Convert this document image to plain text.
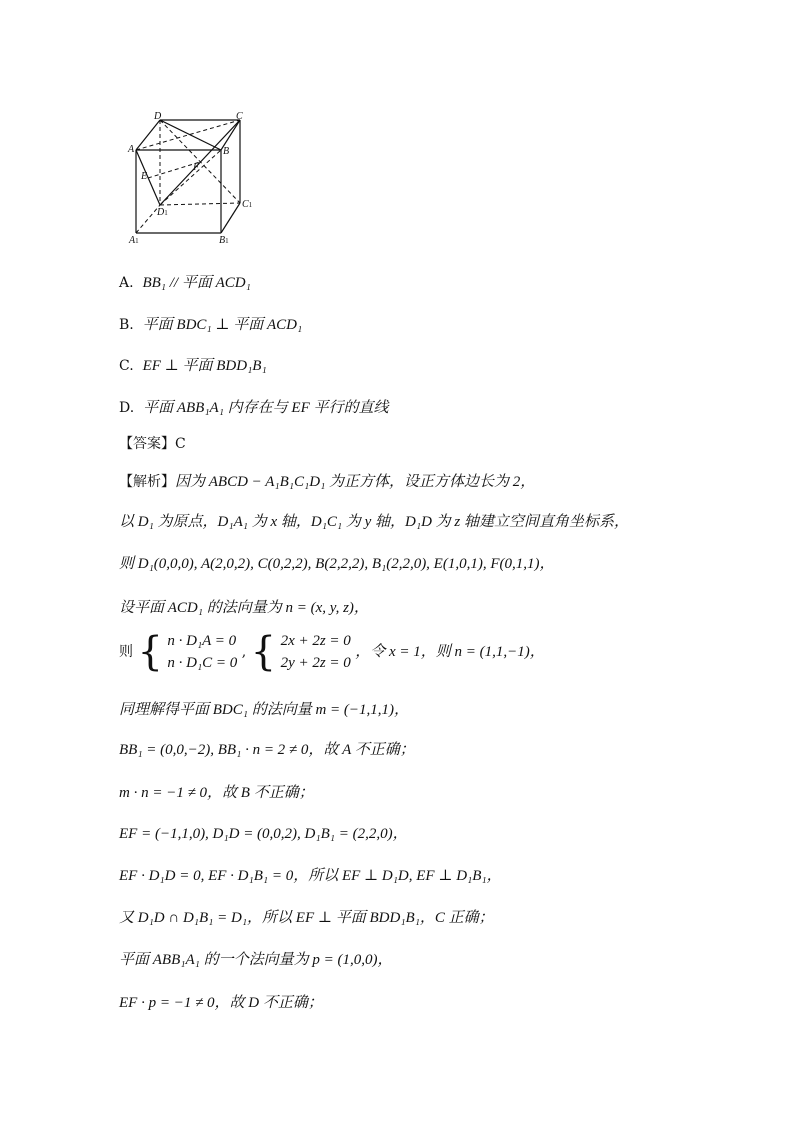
D	C
A	B
E
F
D1
C1
A1	B1
A. BB₁ // 平面 ACD₁
B. 平面 BDC₁ ⊥ 平面 ACD₁
C. EF ⊥ 平面 BDD₁B₁
D. 平面 ABB₁A₁ 内存在与 EF 平行的直线
【答案】C
【解析】因为 ABCD − A₁B₁C₁D₁ 为正方体，设正方体边长为 2，
以 D₁ 为原点，D₁A₁ 为 x 轴，D₁C₁ 为 y 轴，D₁D 为 z 轴建立空间直角坐标系，
则 D₁(0,0,0), A(2,0,2), C(0,2,2), B(2,2,2), B₁(2,2,0), E(1,0,1), F(0,1,1)，
设平面 ACD₁ 的法向量为 n = (x, y, z)，
则 { n · D₁A = 0
n · D₁C = 0 , { 2x + 2z = 0
2y + 2z = 0 ，令 x = 1，则 n = (1,1,−1)，
同理解得平面 BDC₁ 的法向量 m = (−1,1,1)，
BB₁ = (0,0,−2), BB₁ · n = 2 ≠ 0，故 A 不正确；
m · n = −1 ≠ 0，故 B 不正确；
EF = (−1,1,0), D₁D = (0,0,2), D₁B₁ = (2,2,0)，
EF · D₁D = 0, EF · D₁B₁ = 0，所以 EF ⊥ D₁D, EF ⊥ D₁B₁，
又 D₁D ∩ D₁B₁ = D₁，所以 EF ⊥ 平面 BDD₁B₁，C 正确；
平面 ABB₁A₁ 的一个法向量为 p = (1,0,0)，
EF · p = −1 ≠ 0，故 D 不正确；
